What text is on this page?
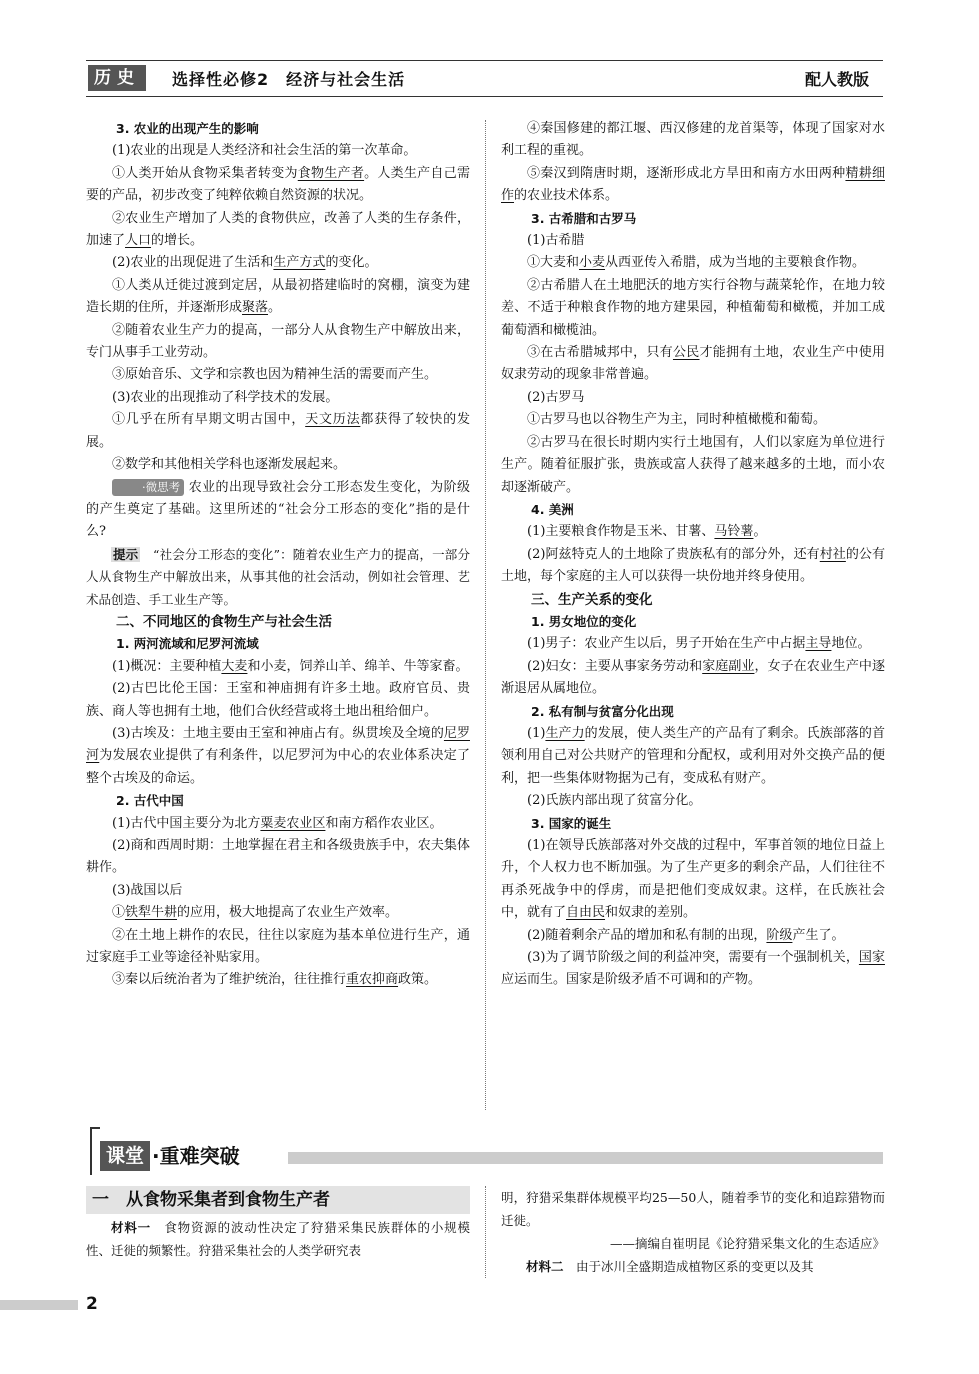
历史	选择性必修2　经济与社会生活	配人教版

3. 农业的出现产生的影响

(1)农业的出现是人类经济和社会生活的第一次革命。

①人类开始从食物采集者转变为食物生产者。人类生产自己需要的产品，初步改变了纯粹依赖自然资源的状况。

②农业生产增加了人类的食物供应，改善了人类的生存条件，加速了人口的增长。

(2)农业的出现促进了生活和生产方式的变化。

①人类从迁徙过渡到定居，从最初搭建临时的窝棚，演变为建造长期的住所，并逐渐形成聚落。

②随着农业生产力的提高，一部分人从食物生产中解放出来，专门从事手工业劳动。

③原始音乐、文学和宗教也因为精神生活的需要而产生。

(3)农业的出现推动了科学技术的发展。

①几乎在所有早期文明古国中，天文历法都获得了较快的发展。

②数学和其他相关学科也逐渐发展起来。

·微思考 农业的出现导致社会分工形态发生变化，为阶级的产生奠定了基础。这里所述的“社会分工形态的变化”指的是什么?

提示　 “社会分工形态的变化”：随着农业生产力的提高，一部分人从食物生产中解放出来，从事其他的社会活动，例如社会管理、艺术品创造、手工业生产等。

二、不同地区的食物生产与社会生活

1. 两河流域和尼罗河流域

(1)概况：主要种植大麦和小麦，饲养山羊、绵羊、牛等家畜。

(2)古巴比伦王国：王室和神庙拥有许多土地。政府官员、贵族、商人等也拥有土地，他们合伙经营或将土地出租给佃户。

(3)古埃及：土地主要由王室和神庙占有。纵贯埃及全境的尼罗河为发展农业提供了有利条件，以尼罗河为中心的农业体系决定了整个古埃及的命运。

2. 古代中国

(1)古代中国主要分为北方粟麦农业区和南方稻作农业区。

(2)商和西周时期：土地掌握在君主和各级贵族手中，农夫集体耕作。

(3)战国以后

①铁犁牛耕的应用，极大地提高了农业生产效率。

②在土地上耕作的农民，往往以家庭为基本单位进行生产，通过家庭手工业等途径补贴家用。

③秦以后统治者为了维护统治，往往推行重农抑商政策。

④秦国修建的都江堰、西汉修建的龙首渠等，体现了国家对水利工程的重视。

⑤秦汉到隋唐时期，逐渐形成北方旱田和南方水田两种精耕细作的农业技术体系。

3. 古希腊和古罗马

(1)古希腊

①大麦和小麦从西亚传入希腊，成为当地的主要粮食作物。

②古希腊人在土地肥沃的地方实行谷物与蔬菜轮作，在地力较差、不适于种粮食作物的地方建果园，种植葡萄和橄榄，并加工成葡萄酒和橄榄油。

③在古希腊城邦中，只有公民才能拥有土地，农业生产中使用奴隶劳动的现象非常普遍。

(2)古罗马

①古罗马也以谷物生产为主，同时种植橄榄和葡萄。

②古罗马在很长时期内实行土地国有，人们以家庭为单位进行生产。随着征服扩张，贵族或富人获得了越来越多的土地，而小农却逐渐破产。

4. 美洲

(1)主要粮食作物是玉米、甘薯、马铃薯。

(2)阿兹特克人的土地除了贵族私有的部分外，还有村社的公有土地，每个家庭的主人可以获得一块份地并终身使用。

三、生产关系的变化

1. 男女地位的变化

(1)男子：农业产生以后，男子开始在生产中占据主导地位。

(2)妇女：主要从事家务劳动和家庭副业，女子在农业生产中逐渐退居从属地位。

2. 私有制与贫富分化出现

(1)生产力的发展，使人类生产的产品有了剩余。氏族部落的首领利用自己对公共财产的管理和分配权，或利用对外交换产品的便利，把一些集体财物据为己有，变成私有财产。

(2)氏族内部出现了贫富分化。

3. 国家的诞生

(1)在领导氏族部落对外交战的过程中，军事首领的地位日益上升，个人权力也不断加强。为了生产更多的剩余产品，人们往往不再杀死战争中的俘虏，而是把他们变成奴隶。这样，在氏族社会中，就有了自由民和奴隶的差别。

(2)随着剩余产品的增加和私有制的出现，阶级产生了。

(3)为了调节阶级之间的利益冲突，需要有一个强制机关，国家应运而生。国家是阶级矛盾不可调和的产物。

课堂 ·重难突破
一　从食物采集者到食物生产者

材料一　 食物资源的波动性决定了狩猎采集民族群体的小规模性、迁徙的频繁性。狩猎采集社会的人类学研究表

明，狩猎采集群体规模平均25—50人，随着季节的变化和追踪猎物而迁徙。

——摘编自崔明昆《论狩猎采集文化的生态适应》

材料二　 由于冰川全盛期造成植物区系的变更以及其

2
